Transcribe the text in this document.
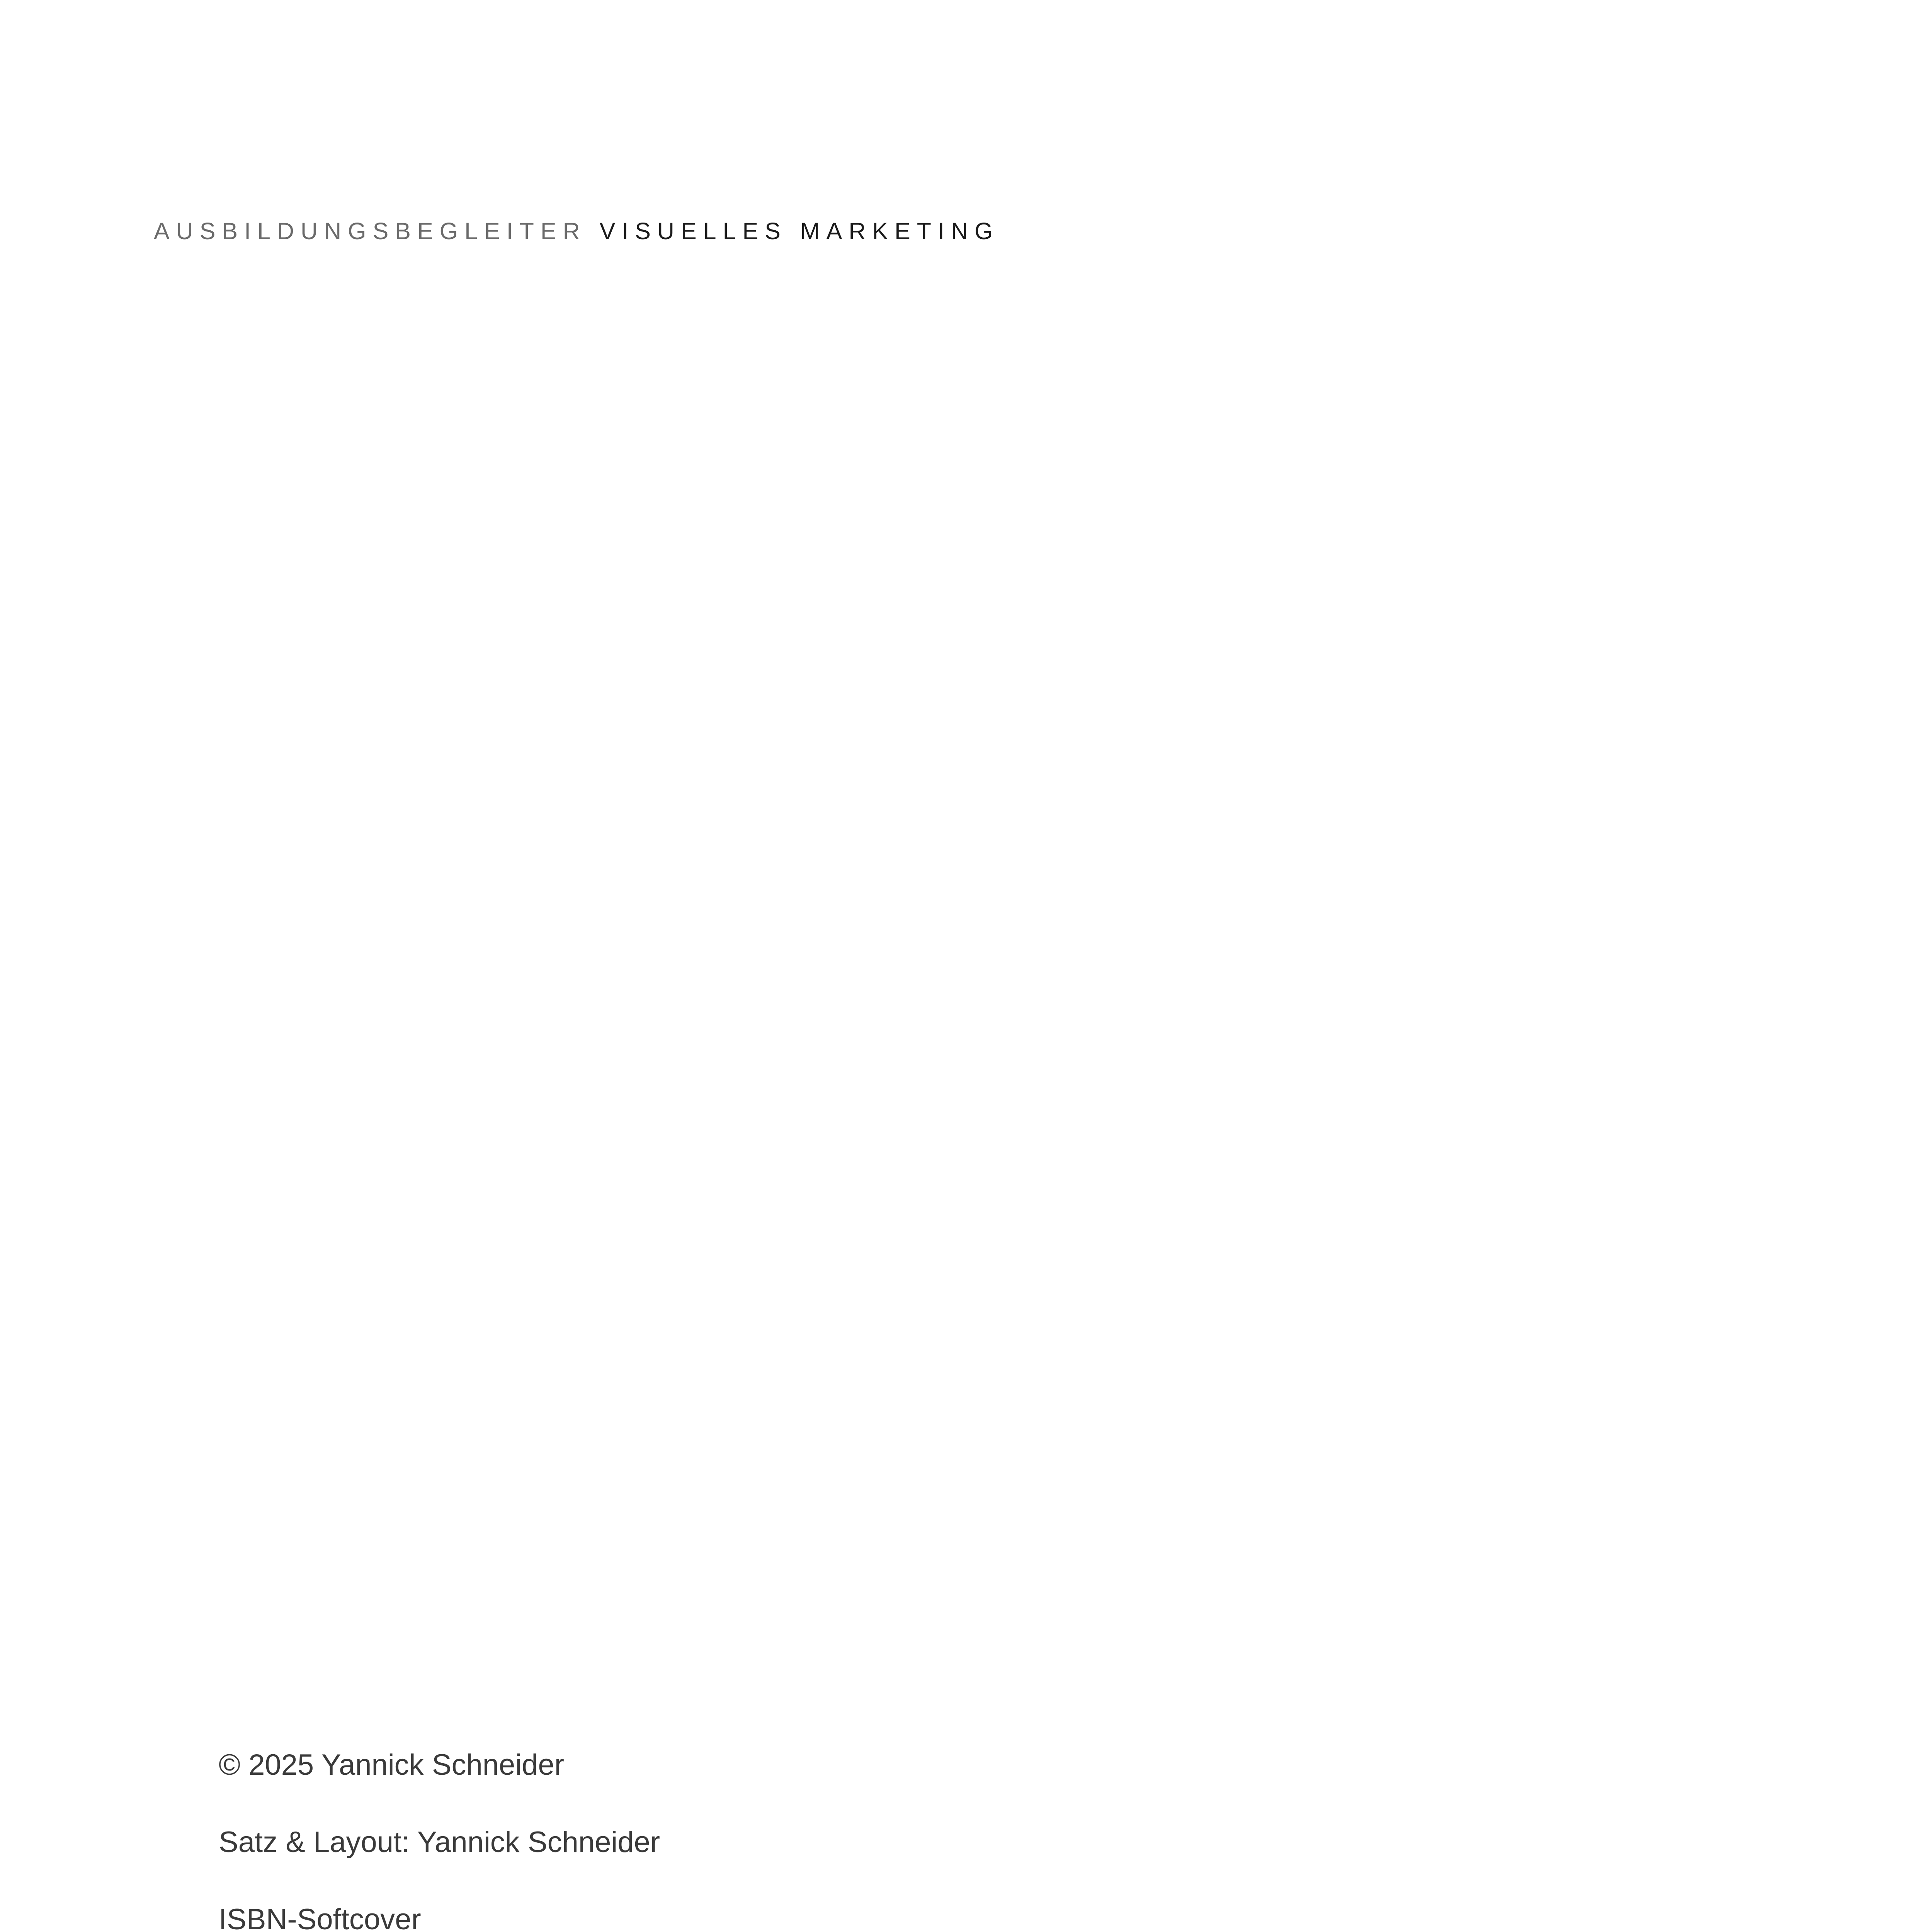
AUSBILDUNGSBEGLEITER VISUELLES MARKETING
© 2025 Yannick Schneider
Satz & Layout: Yannick Schneider
ISBN-Softcover
